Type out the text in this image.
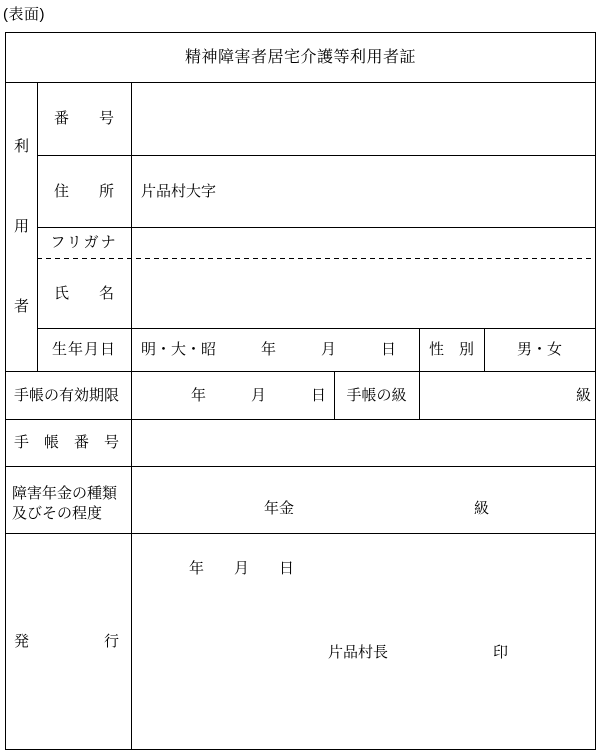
(表面)
精神障害者居宅介護等利用者証
利
用
者
番　　号
住　　所	片品村大字
フリガナ
氏　　名
生年月日	明・大・昭　　　年　　　月　　　日	性　別	男・女
手帳の有効期限	年　　　月　　　日	手帳の級	級
手　帳　番　号
障害年金の種類
及びその程度	年金　　　　　　　　　　　　級
発　　　　　行
年　　月　　日
片品村長　　　　　　　印
